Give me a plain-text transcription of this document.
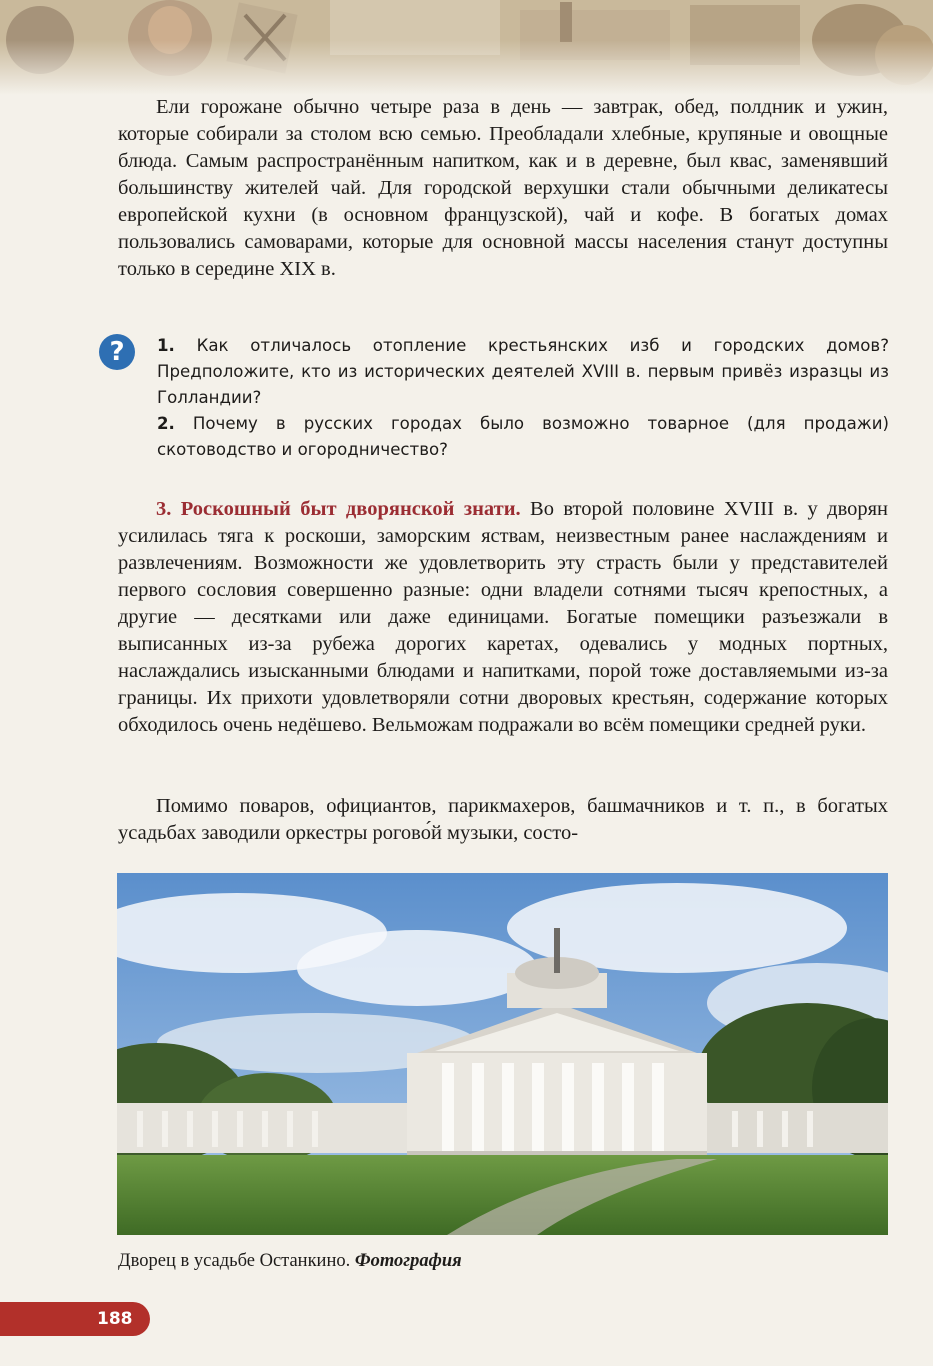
Ели горожане обычно четыре раза в день — завтрак, обед, полдник и ужин, которые собирали за столом всю семью. Преобладали хлебные, крупяные и овощные блюда. Самым распространённым напитком, как и в деревне, был квас, заменявший большинству жителей чай. Для городской верхушки стали обычными деликатесы европейской кухни (в основном французской), чай и кофе. В богатых домах пользовались самоварами, которые для основной массы населения станут доступны только в середине XIX в.

?	1. Как отличалось отопление крестьянских изб и городских домов? Предположите, кто из исторических деятелей XVIII в. первым привёз изразцы из Голландии?

2. Почему в русских городах было возможно товарное (для продажи) скотоводство и огородничество?

3. Роскошный быт дворянской знати. Во второй половине XVIII в. у дворян усилилась тяга к роскоши, заморским яствам, неизвестным ранее наслаждениям и развлечениям. Возможности же удовлетворить эту страсть были у представителей первого сословия совершенно разные: одни владели сотнями тысяч крепостных, а другие — десятками или даже единицами. Богатые помещики разъезжали в выписанных из-за рубежа дорогих каретах, одевались у модных портных, наслаждались изысканными блюдами и напитками, порой тоже доставляемыми из-за границы. Их прихоти удовлетворяли сотни дворовых крестьян, содержание которых обходилось очень недёшево. Вельможам подражали во всём помещики средней руки.

Помимо поваров, официантов, парикмахеров, башмачников и т. п., в богатых усадьбах заводили оркестры рогово́й музыки, состо-

Дворец в усадьбе Останкино. Фотография
188
